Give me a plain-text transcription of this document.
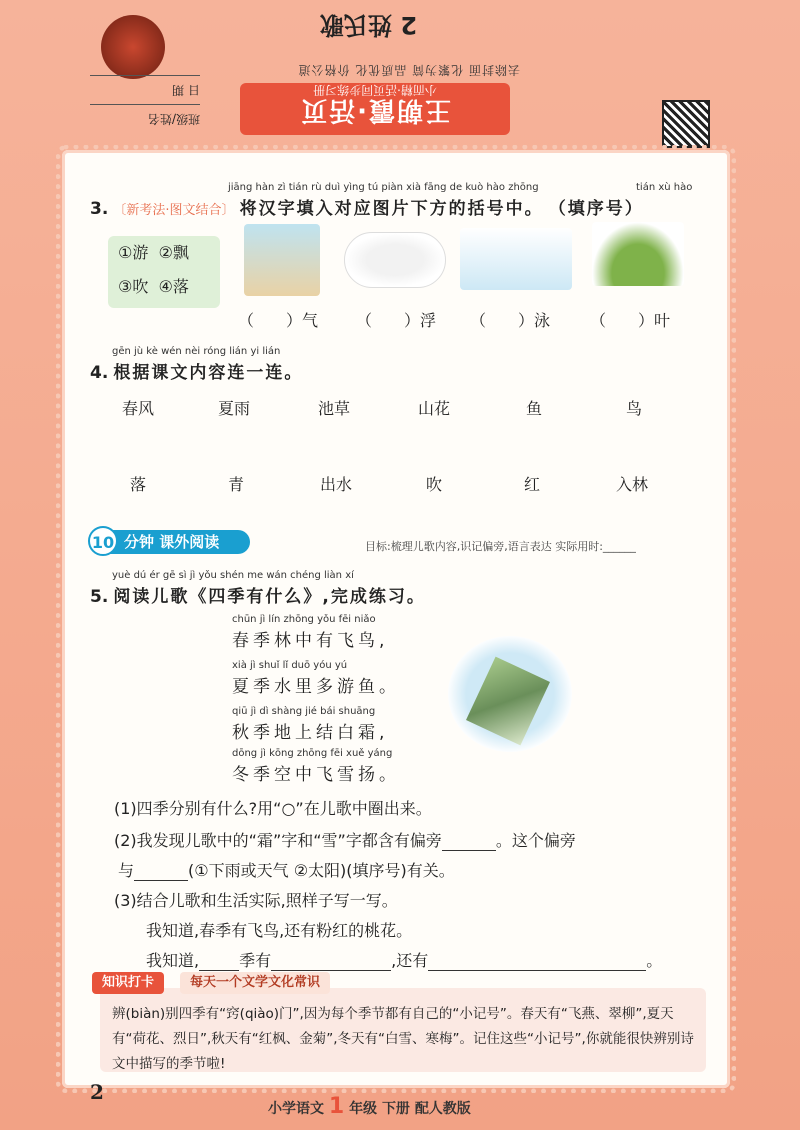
王朝霞·活页
小而精·活页同步练习册
班级/姓名
日 期
去除封面 化繁为简 品质优化 价格公道
2 姓氏歌
jiāng hàn zì tián rù duì yìng tú piàn xià fāng de kuò hào zhōng	tián xù hào
3. 〔新考法·图文结合〕 将汉字填入对应图片下方的括号中。 （填序号）
①游 ②飘
③吹 ④落
（　　）气 （　　）浮 （　　）泳 （　　）叶
gēn jù kè wén nèi róng lián yi lián
4. 根据课文内容连一连。
春风	夏雨	池草	山花	鱼	鸟
落	青	出水	吹	红	入林
分钟 课外阅读
10	目标:梳理儿歌内容,识记偏旁,语言表达 实际用时:______
yuè dú ér gē sì jì yǒu shén me wán chéng liàn xí
5. 阅读儿歌《四季有什么》,完成练习。
chūn jì lín zhōng yǒu fēi niǎo
春季林中有飞鸟,
xià jì shuǐ lǐ duō yóu yú
夏季水里多游鱼。
qiū jì dì shàng jié bái shuāng
秋季地上结白霜,
dōng jì kōng zhōng fēi xuě yáng
冬季空中飞雪扬。
(1)四季分别有什么?用“○”在儿歌中圈出来。
(2)我发现儿歌中的“霜”字和“雪”字都含有偏旁	。这个偏旁
与	(①下雨或天气 ②太阳)(填序号)有关。
(3)结合儿歌和生活实际,照样子写一写。
我知道,春季有飞鸟,还有粉红的桃花。
我知道,	季有	,还有	。
辨(biàn)别四季有“窍(qiào)门”,因为每个季节都有自己的“小记号”。春天有“飞燕、翠柳”,夏天有“荷花、烈日”,秋天有“红枫、金菊”,冬天有“白雪、寒梅”。记住这些“小记号”,你就能很快辨别诗文中描写的季节啦!
知识打卡	每天一个文学文化常识
2
小学语文 1 年级 下册 配人教版
